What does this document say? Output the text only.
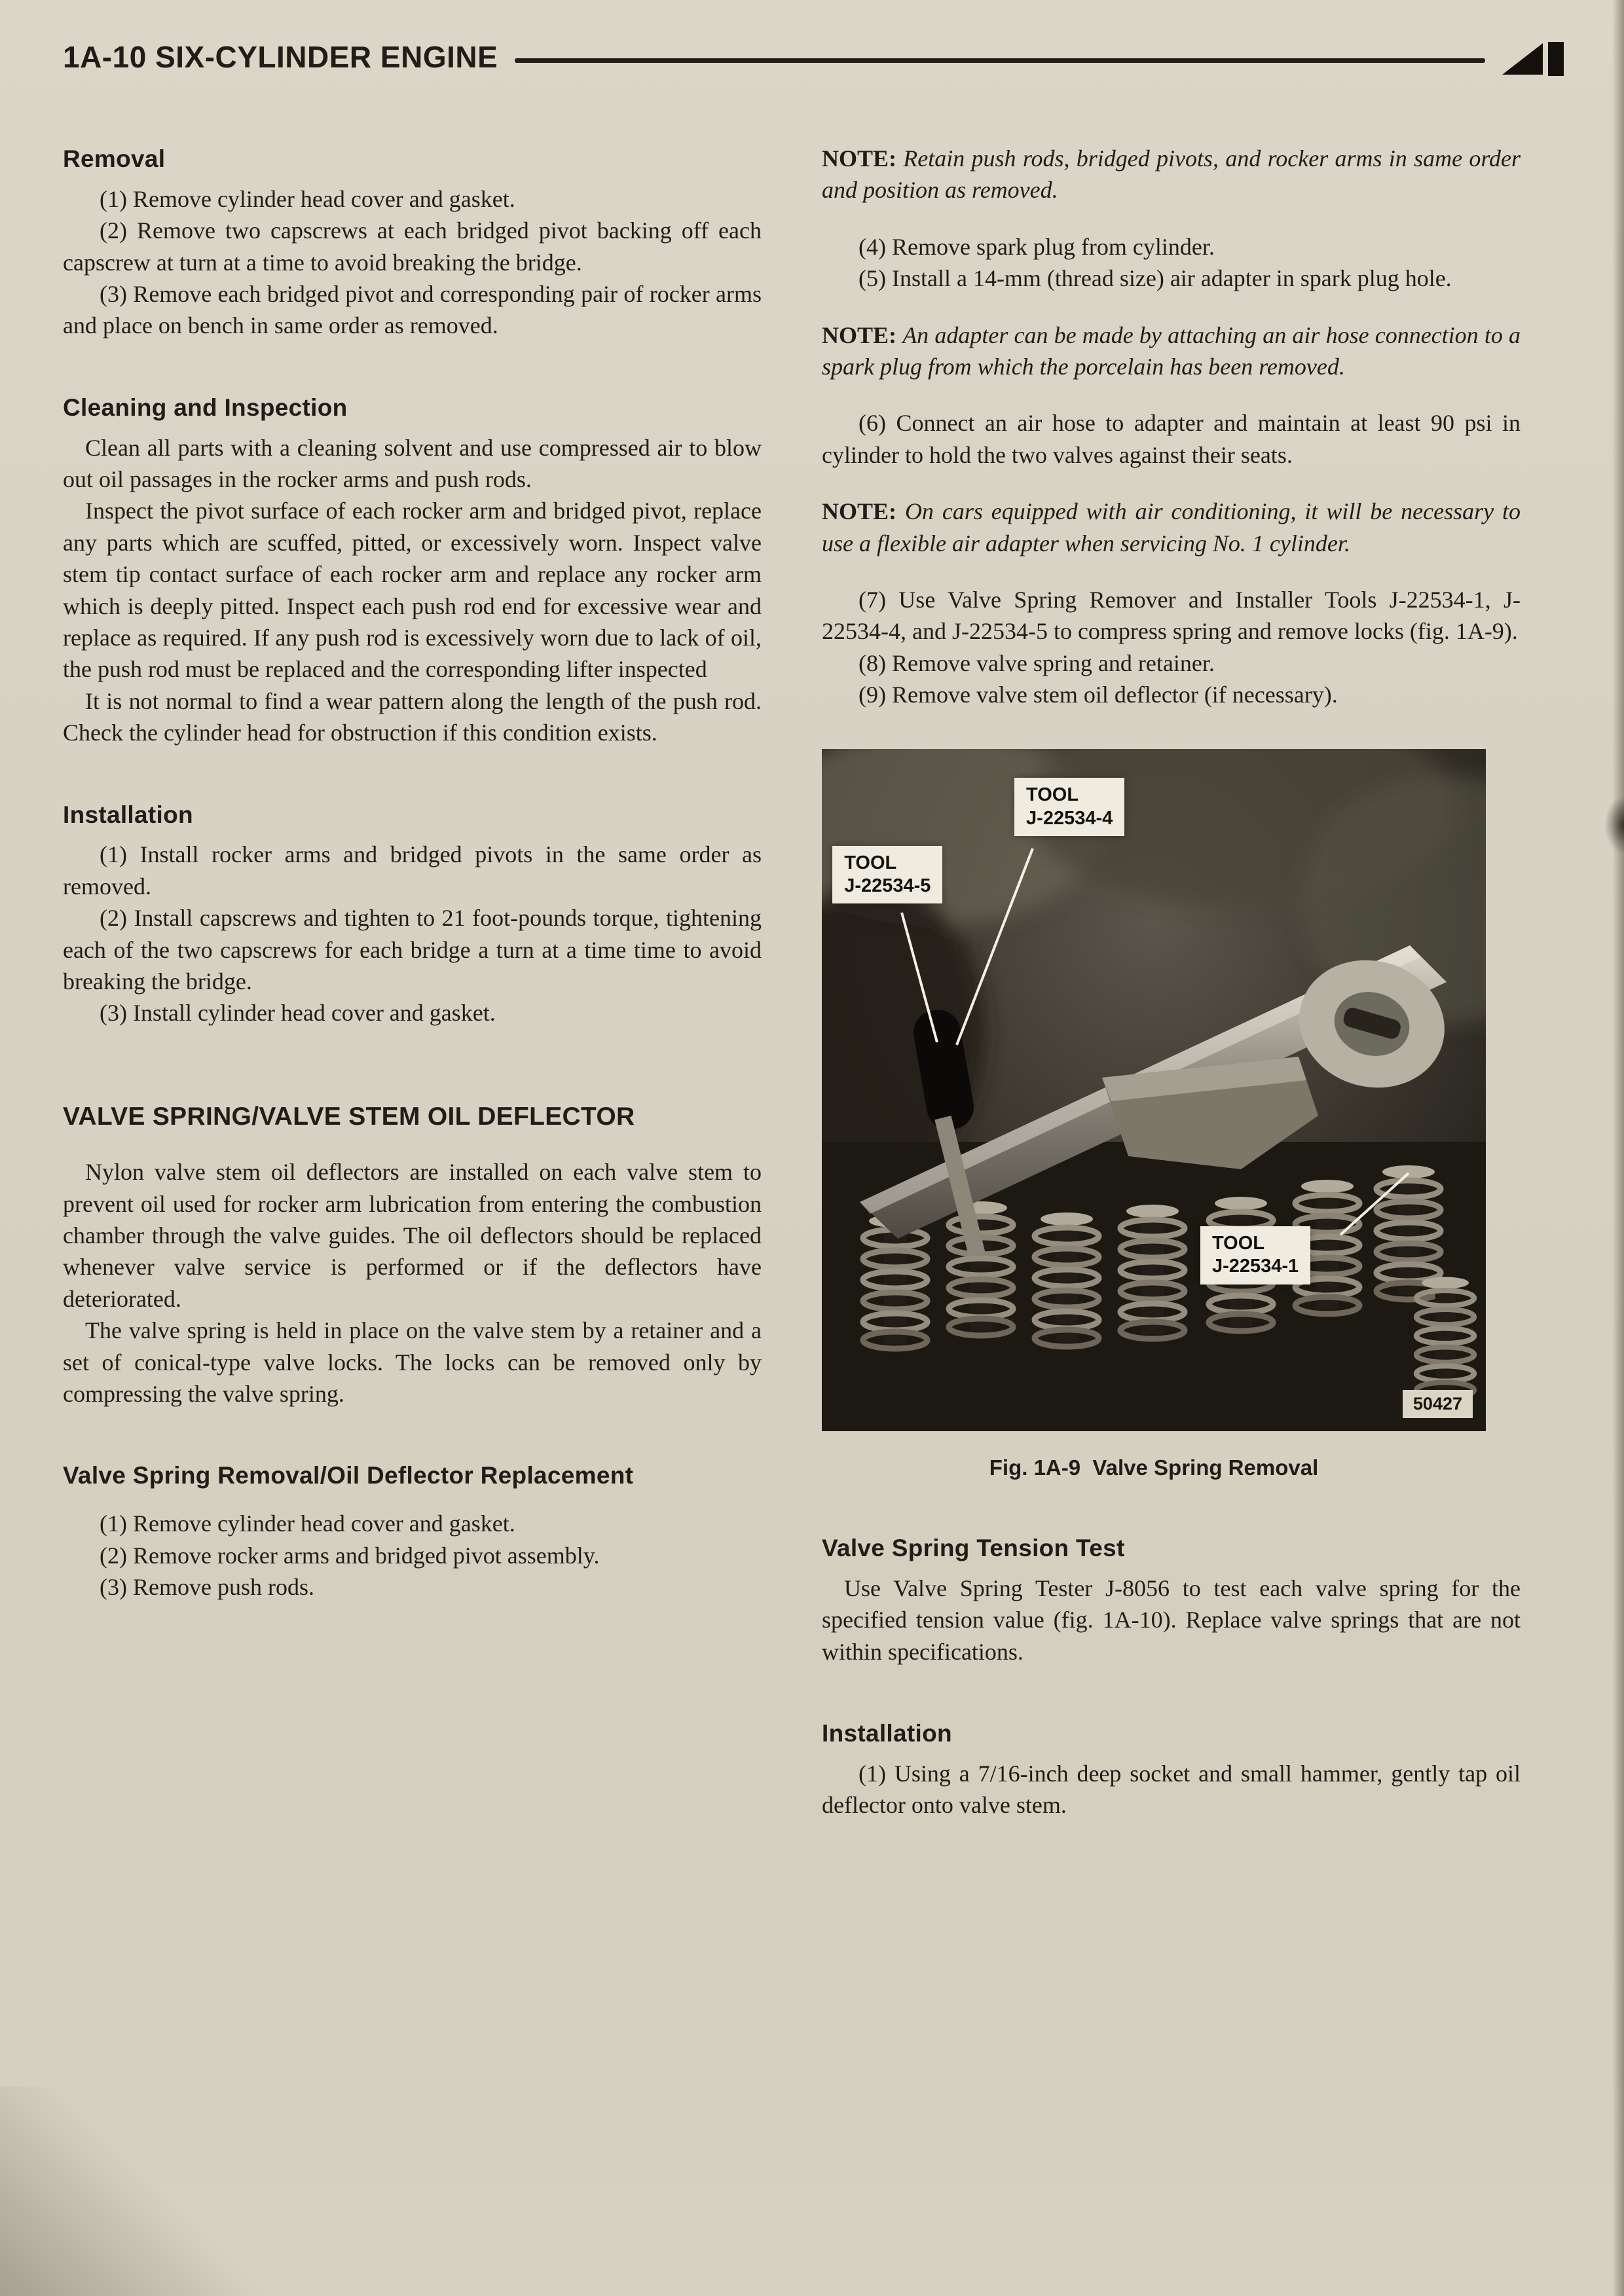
1A-10 SIX-CYLINDER ENGINE
Removal

(1) Remove cylinder head cover and gasket.

(2) Remove two capscrews at each bridged pivot backing off each capscrew at turn at a time to avoid breaking the bridge.

(3) Remove each bridged pivot and corresponding pair of rocker arms and place on bench in same order as removed.

Cleaning and Inspection

Clean all parts with a cleaning solvent and use compressed air to blow out oil passages in the rocker arms and push rods.

Inspect the pivot surface of each rocker arm and bridged pivot, replace any parts which are scuffed, pitted, or excessively worn. Inspect valve stem tip contact surface of each rocker arm and replace any rocker arm which is deeply pitted. Inspect each push rod end for excessive wear and replace as required. If any push rod is excessively worn due to lack of oil, the push rod must be replaced and the corresponding lifter inspected

It is not normal to find a wear pattern along the length of the push rod. Check the cylinder head for obstruction if this condition exists.

Installation

(1) Install rocker arms and bridged pivots in the same order as removed.

(2) Install capscrews and tighten to 21 foot-pounds torque, tightening each of the two capscrews for each bridge a turn at a time time to avoid breaking the bridge.

(3) Install cylinder head cover and gasket.

VALVE SPRING/VALVE STEM OIL DEFLECTOR

Nylon valve stem oil deflectors are installed on each valve stem to prevent oil used for rocker arm lubrication from entering the combustion chamber through the valve guides. The oil deflectors should be replaced whenever valve service is performed or if the deflectors have deteriorated.

The valve spring is held in place on the valve stem by a retainer and a set of conical-type valve locks. The locks can be removed only by compressing the valve spring.

Valve Spring Removal/Oil Deflector Replacement

(1) Remove cylinder head cover and gasket.

(2) Remove rocker arms and bridged pivot assembly.

(3) Remove push rods.

NOTE: Retain push rods, bridged pivots, and rocker arms in same order and position as removed.

(4) Remove spark plug from cylinder.

(5) Install a 14-mm (thread size) air adapter in spark plug hole.

NOTE: An adapter can be made by attaching an air hose connection to a spark plug from which the porcelain has been removed.

(6) Connect an air hose to adapter and maintain at least 90 psi in cylinder to hold the two valves against their seats.

NOTE: On cars equipped with air conditioning, it will be necessary to use a flexible air adapter when servicing No. 1 cylinder.

(7) Use Valve Spring Remover and Installer Tools J-22534-1, J-22534-4, and J-22534-5 to compress spring and remove locks (fig. 1A-9).

(8) Remove valve spring and retainer.

(9) Remove valve stem oil deflector (if necessary).

TOOL
J-22534-4
TOOL
J-22534-5
TOOL
J-22534-1
50427
Fig. 1A-9  Valve Spring Removal
Valve Spring Tension Test

Use Valve Spring Tester J-8056 to test each valve spring for the specified tension value (fig. 1A-10). Replace valve springs that are not within specifications.

Installation

(1) Using a 7/16-inch deep socket and small hammer, gently tap oil deflector onto valve stem.
